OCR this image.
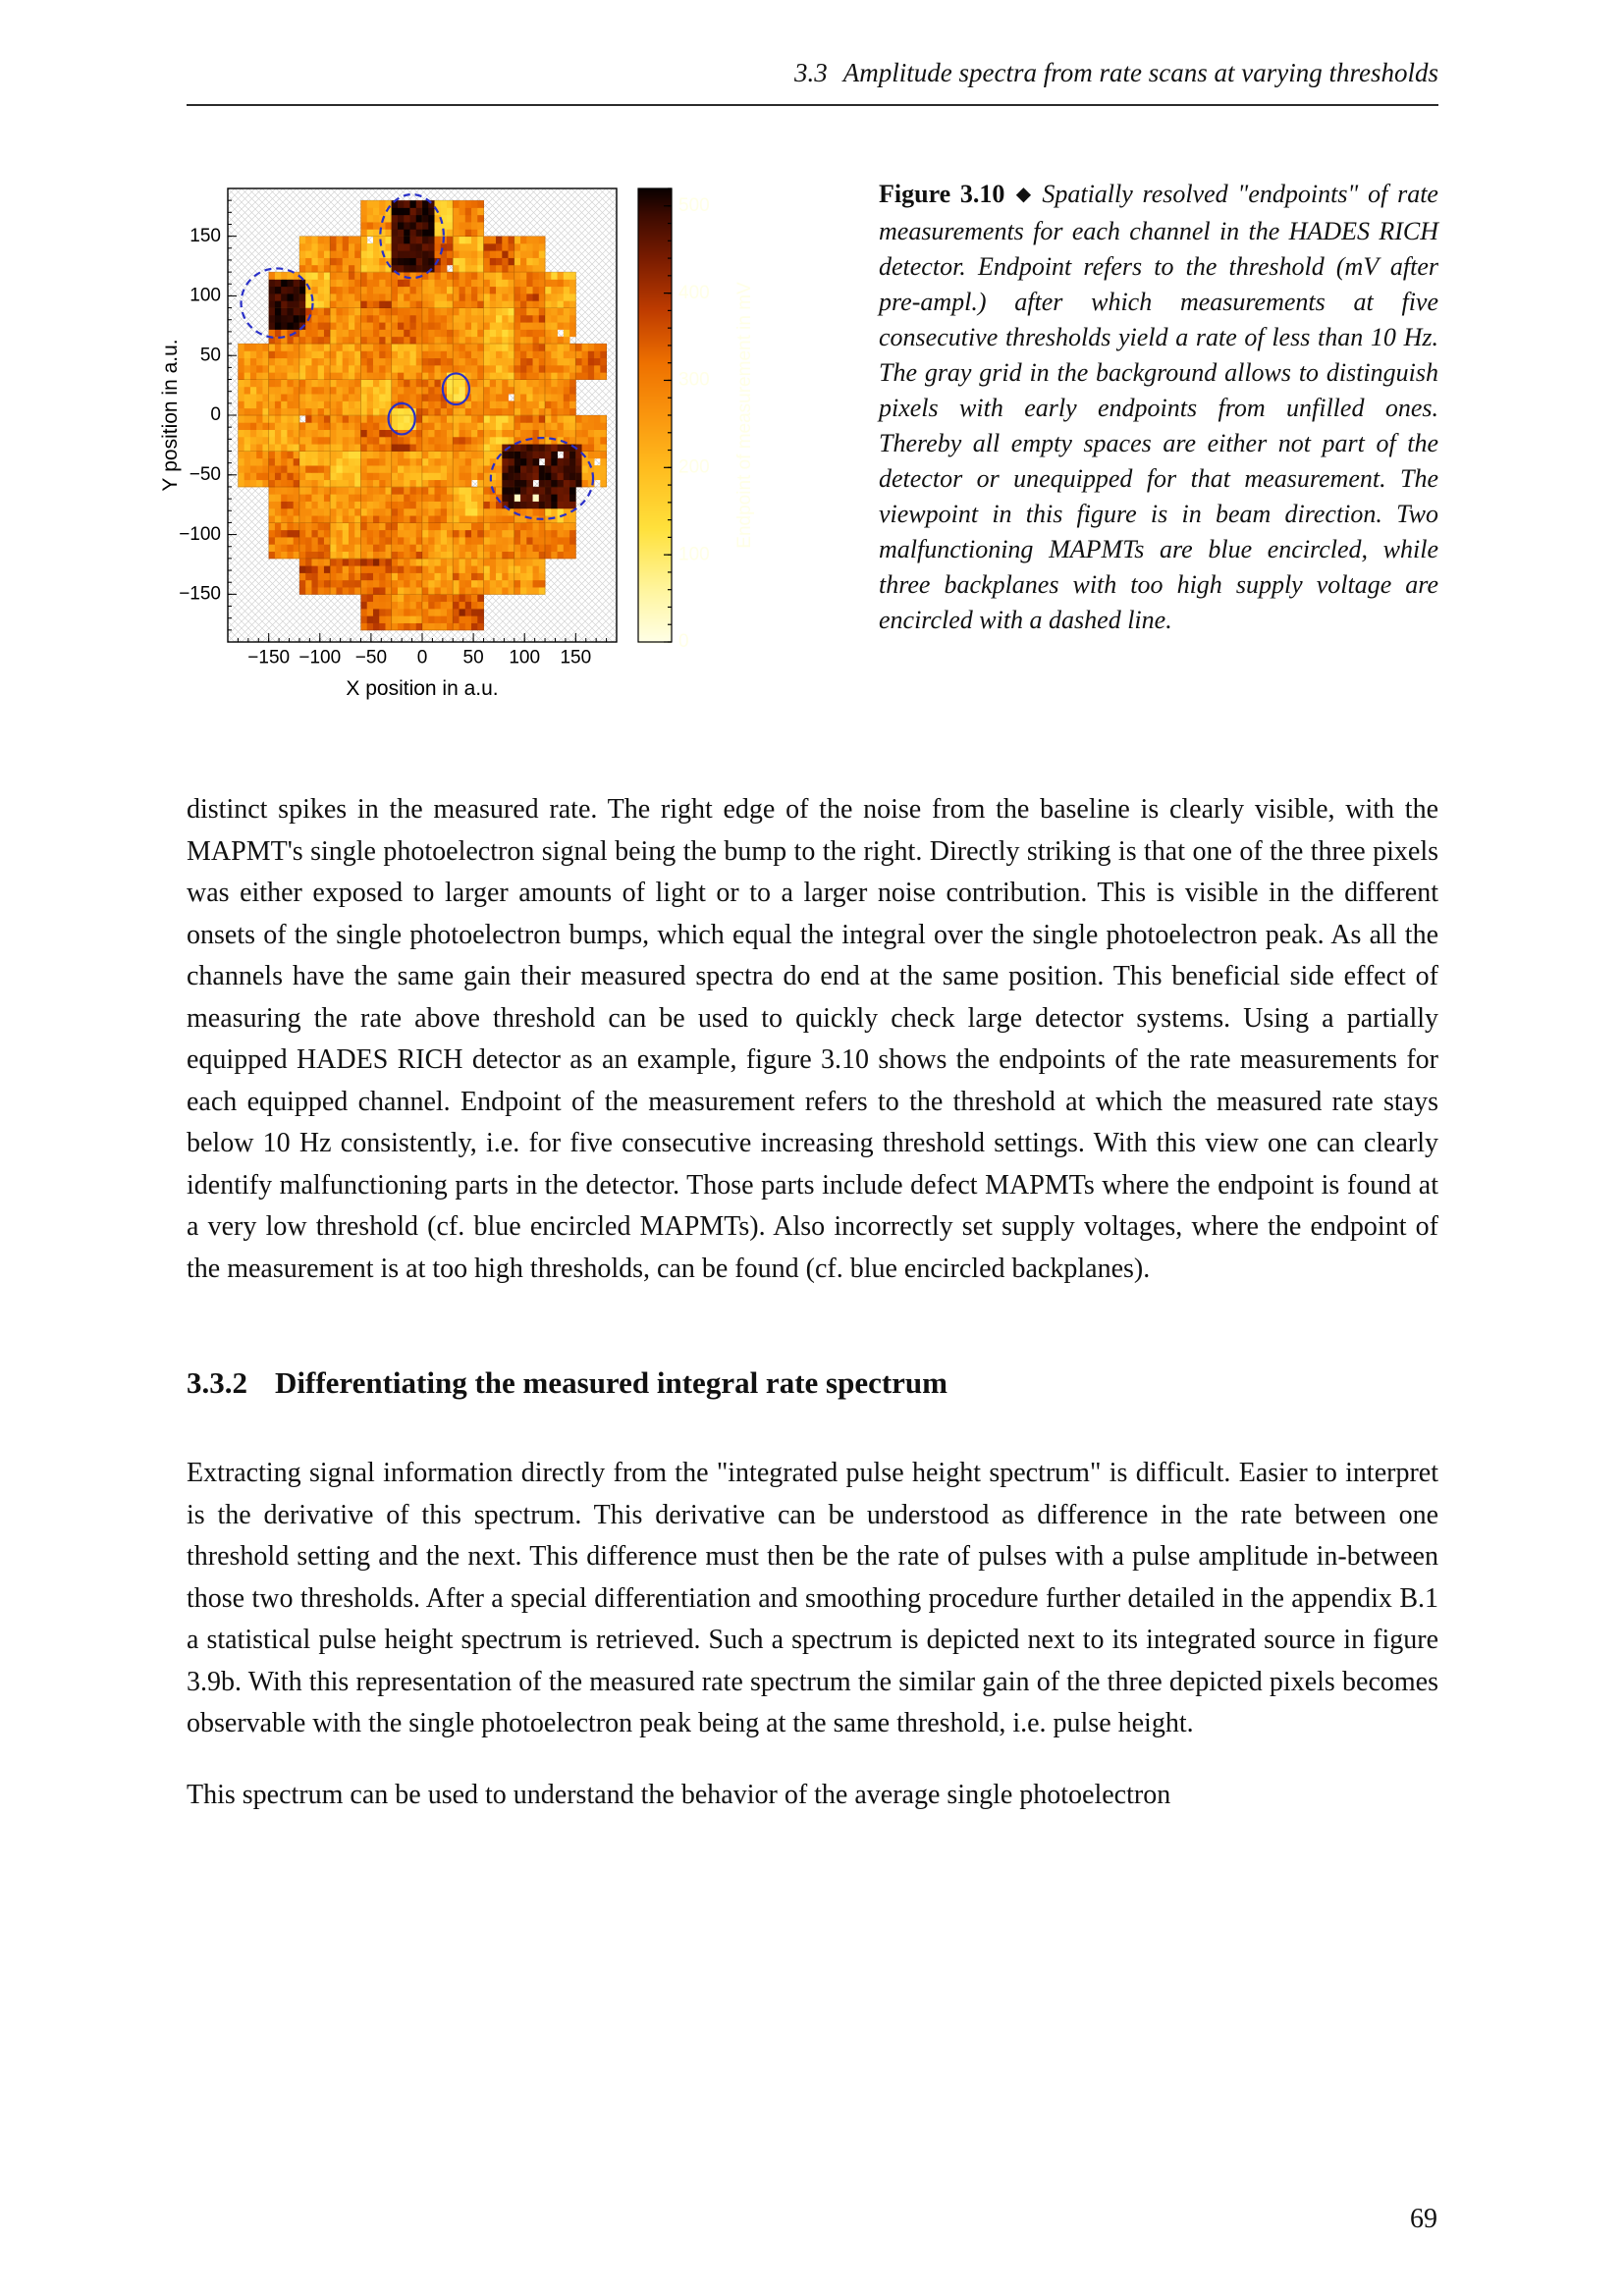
3.3 Amplitude spectra from rate scans at varying thresholds
Figure 3.10 ◆ Spatially resolved "endpoints" of rate measurements for each channel in the HADES RICH detector. Endpoint refers to the threshold (mV after pre-ampl.) after which measurements at five consecutive thresholds yield a rate of less than 10 Hz. The gray grid in the background allows to distinguish pixels with early endpoints from unfilled ones. Thereby all empty spaces are either not part of the detector or unequipped for that measurement. The viewpoint in this figure is in beam direction. Two malfunctioning MAPMTs are blue encircled, while three backplanes with too high supply voltage are encircled with a dashed line.

distinct spikes in the measured rate. The right edge of the noise from the baseline is clearly visible, with the MAPMT's single photoelectron signal being the bump to the right. Directly striking is that one of the three pixels was either exposed to larger amounts of light or to a larger noise contribution. This is visible in the different onsets of the single photoelectron bumps, which equal the integral over the single photoelectron peak. As all the channels have the same gain their measured spectra do end at the same position. This beneficial side effect of measuring the rate above threshold can be used to quickly check large detector systems. Using a partially equipped HADES RICH detector as an example, figure 3.10 shows the endpoints of the rate measurements for each equipped channel. Endpoint of the measurement refers to the threshold at which the measured rate stays below 10 Hz consistently, i.e. for five consecutive increasing threshold settings. With this view one can clearly identify malfunctioning parts in the detector. Those parts include defect MAPMTs where the endpoint is found at a very low threshold (cf. blue encircled MAPMTs). Also incorrectly set supply voltages, where the endpoint of the measurement is at too high thresholds, can be found (cf. blue encircled backplanes).

3.3.2 Differentiating the measured integral rate spectrum

Extracting signal information directly from the "integrated pulse height spectrum" is difficult. Easier to interpret is the derivative of this spectrum. This derivative can be understood as difference in the rate between one threshold setting and the next. This difference must then be the rate of pulses with a pulse amplitude in-between those two thresholds. After a special differentiation and smoothing procedure further detailed in the appendix B.1 a statistical pulse height spectrum is retrieved. Such a spectrum is depicted next to its integrated source in figure 3.9b. With this representation of the measured rate spectrum the similar gain of the three depicted pixels becomes observable with the single photoelectron peak being at the same threshold, i.e. pulse height.

This spectrum can be used to understand the behavior of the average single photoelectron

69
